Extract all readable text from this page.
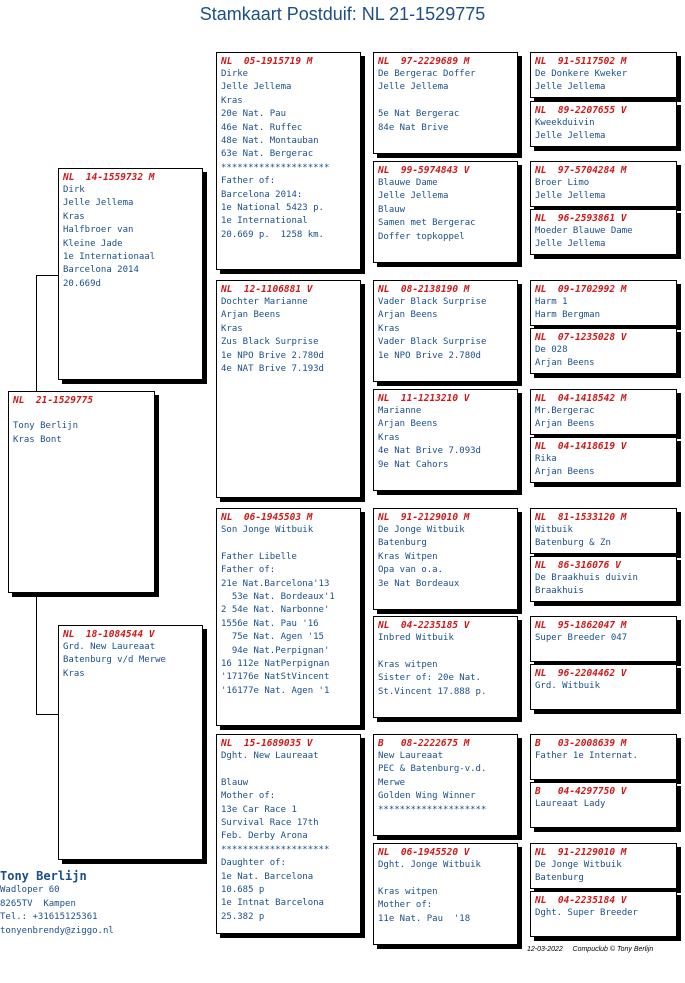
Stamkaart Postduif: NL 21-1529775
NL  21-1529775

Tony Berlijn
Kras Bont
NL  14-1559732 M
Dirk
Jelle Jellema
Kras
Halfbroer van
Kleine Jade
1e Internationaal
Barcelona 2014
20.669d
NL  18-1084544 V
Grd. New Laureaat
Batenburg v/d Merwe
Kras
NL  05-1915719 M
Dirke
Jelle Jellema
Kras
20e Nat. Pau
46e Nat. Ruffec
48e Nat. Montauban
63e Nat. Bergerac
********************
Father of:
Barcelona 2014:
1e National 5423 p.
1e International
20.669 p.  1258 km.
NL  12-1106881 V
Dochter Marianne
Arjan Beens
Kras
Zus Black Surprise
1e NPO Brive 2.780d
4e NAT Brive 7.193d
NL  06-1945503 M
Son Jonge Witbuik

Father Libelle
Father of:
21e Nat.Barcelona'13
53e Nat. Bordeaux'1
2 54e Nat. Narbonne'
1556e Nat. Pau '16
75e Nat. Agen '15
94e Nat.Perpignan'
16 112e NatPerpignan
'17176e NatStVincent
'16177e Nat. Agen '1
NL  15-1689035 V
Dght. New Laureaat

Blauw
Mother of:
13e Car Race 1
Survival Race 17th
Feb. Derby Arona
********************
Daughter of:
1e Nat. Barcelona
10.685 p
1e Intnat Barcelona
25.382 p
NL  97-2229689 M
De Bergerac Doffer
Jelle Jellema

5e Nat Bergerac
84e Nat Brive
NL  99-5974843 V
Blauwe Dame
Jelle Jellema
Blauw
Samen met Bergerac
Doffer topkoppel
NL  08-2138190 M
Vader Black Surprise
Arjan Beens
Kras
Vader Black Surprise
1e NPO Brive 2.780d
NL  11-1213210 V
Marianne
Arjan Beens
Kras
4e Nat Brive 7.093d
9e Nat Cahors
NL  91-2129010 M
De Jonge Witbuik
Batenburg
Kras Witpen
Opa van o.a.
3e Nat Bordeaux
NL  04-2235185 V
Inbred Witbuik

Kras witpen
Sister of: 20e Nat.
St.Vincent 17.888 p.
B   08-2222675 M
New Laureaat
PEC & Batenburg-v.d.
Merwe
Golden Wing Winner
********************
NL  06-1945520 V
Dght. Jonge Witbuik

Kras witpen
Mother of:
11e Nat. Pau  '18
NL  91-5117502 M
De Donkere Kweker
Jelle Jellema
NL  89-2207655 V
Kweekduivin
Jelle Jellema
NL  97-5704284 M
Broer Limo
Jelle Jellema
NL  96-2593861 V
Moeder Blauwe Dame
Jelle Jellema
NL  09-1702992 M
Harm 1
Harm Bergman
NL  07-1235028 V
De 028
Arjan Beens
NL  04-1418542 M
Mr.Bergerac
Arjan Beens
NL  04-1418619 V
Rika
Arjan Beens
NL  81-1533120 M
Witbuik
Batenburg & Zn
NL  86-316076 V
De Braakhuis duivin
Braakhuis
NL  95-1862047 M
Super Breeder 047
NL  96-2204462 V
Grd. Witbuik
B   03-2008639 M
Father 1e Internat.
B   04-4297750 V
Laureaat Lady
NL  91-2129010 M
De Jonge Witbuik
Batenburg
NL  04-2235184 V
Dght. Super Breeder
Tony Berlijn
Wadloper 60
8265TV  Kampen
Tel.: +31615125361
tonyenbrendy@ziggo.nl
12-03-2022     Compuclub © Tony Berlijn
